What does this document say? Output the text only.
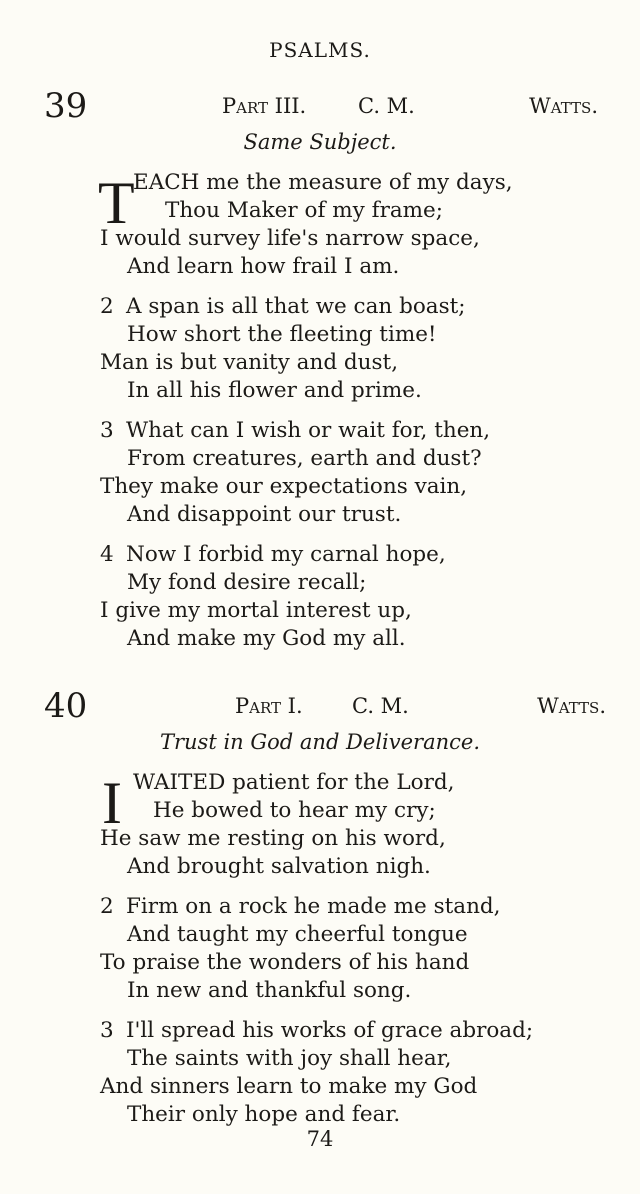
PSALMS.
39	Part III. C. M.	Watts.
Same Subject.
T
EACH me the measure of my days,
Thou Maker of my frame;
I would survey life's narrow space,
And learn how frail I am.
2 A span is all that we can boast;
How short the fleeting time!
Man is but vanity and dust,
In all his flower and prime.
3 What can I wish or wait for, then,
From creatures, earth and dust?
They make our expectations vain,
And disappoint our trust.
4 Now I forbid my carnal hope,
My fond desire recall;
I give my mortal interest up,
And make my God my all.
40	Part I. C. M.	Watts.
Trust in God and Deliverance.
I WAITED patient for the Lord,
He bowed to hear my cry;
He saw me resting on his word,
And brought salvation nigh.
2 Firm on a rock he made me stand,
And taught my cheerful tongue
To praise the wonders of his hand
In new and thankful song.
3 I'll spread his works of grace abroad;
The saints with joy shall hear,
And sinners learn to make my God
Their only hope and fear.
74
